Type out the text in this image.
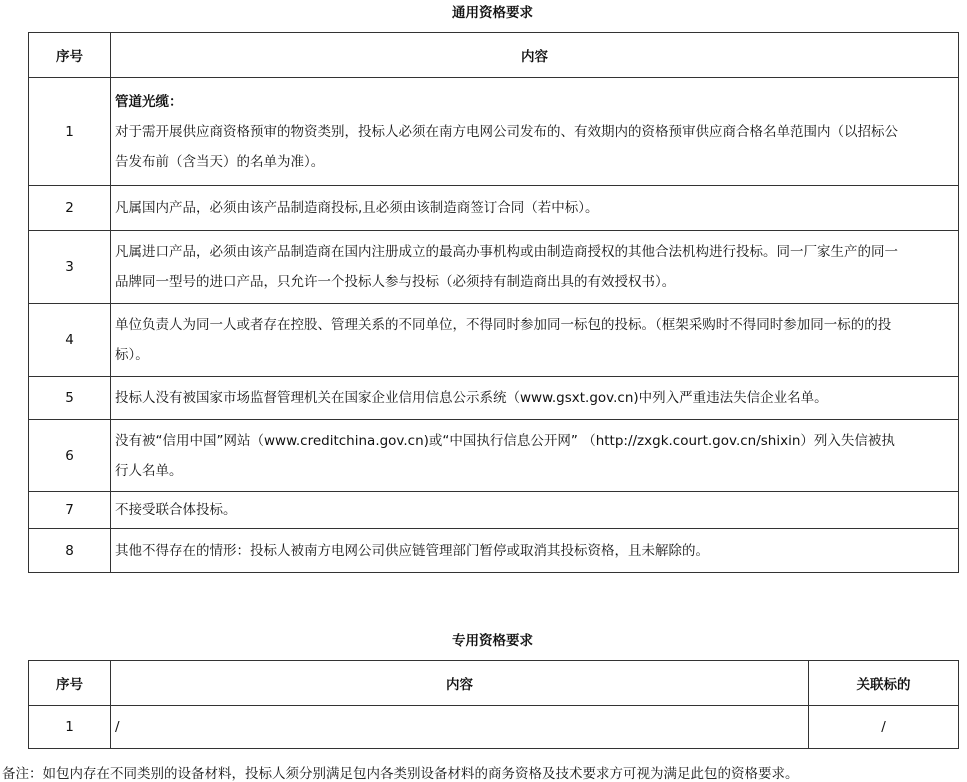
通用资格要求
序号	内容
1	管道光缆：
对于需开展供应商资格预审的物资类别，投标人必须在南方电网公司发布的、有效期内的资格预审供应商合格名单范围内（以招标公
告发布前（含当天）的名单为准）。

2	凡属国内产品，必须由该产品制造商投标,且必须由该制造商签订合同（若中标）。

3	凡属进口产品，必须由该产品制造商在国内注册成立的最高办事机构或由制造商授权的其他合法机构进行投标。同一厂家生产的同一
品牌同一型号的进口产品，只允许一个投标人参与投标（必须持有制造商出具的有效授权书）。

4	单位负责人为同一人或者存在控股、管理关系的不同单位，不得同时参加同一标包的投标。（框架采购时不得同时参加同一标的的投
标）。

5	投标人没有被国家市场监督管理机关在国家企业信用信息公示系统（www.gsxt.gov.cn)中列入严重违法失信企业名单。

6	没有被“信用中国”网站（www.creditchina.gov.cn)或“中国执行信息公开网” （http://zxgk.court.gov.cn/shixin）列入失信被执
行人名单。

7	不接受联合体投标。

8	其他不得存在的情形：投标人被南方电网公司供应链管理部门暂停或取消其投标资格，且未解除的。
专用资格要求
序号	内容	关联标的
1	/	/
备注：如包内存在不同类别的设备材料，投标人须分别满足包内各类别设备材料的商务资格及技术要求方可视为满足此包的资格要求。
